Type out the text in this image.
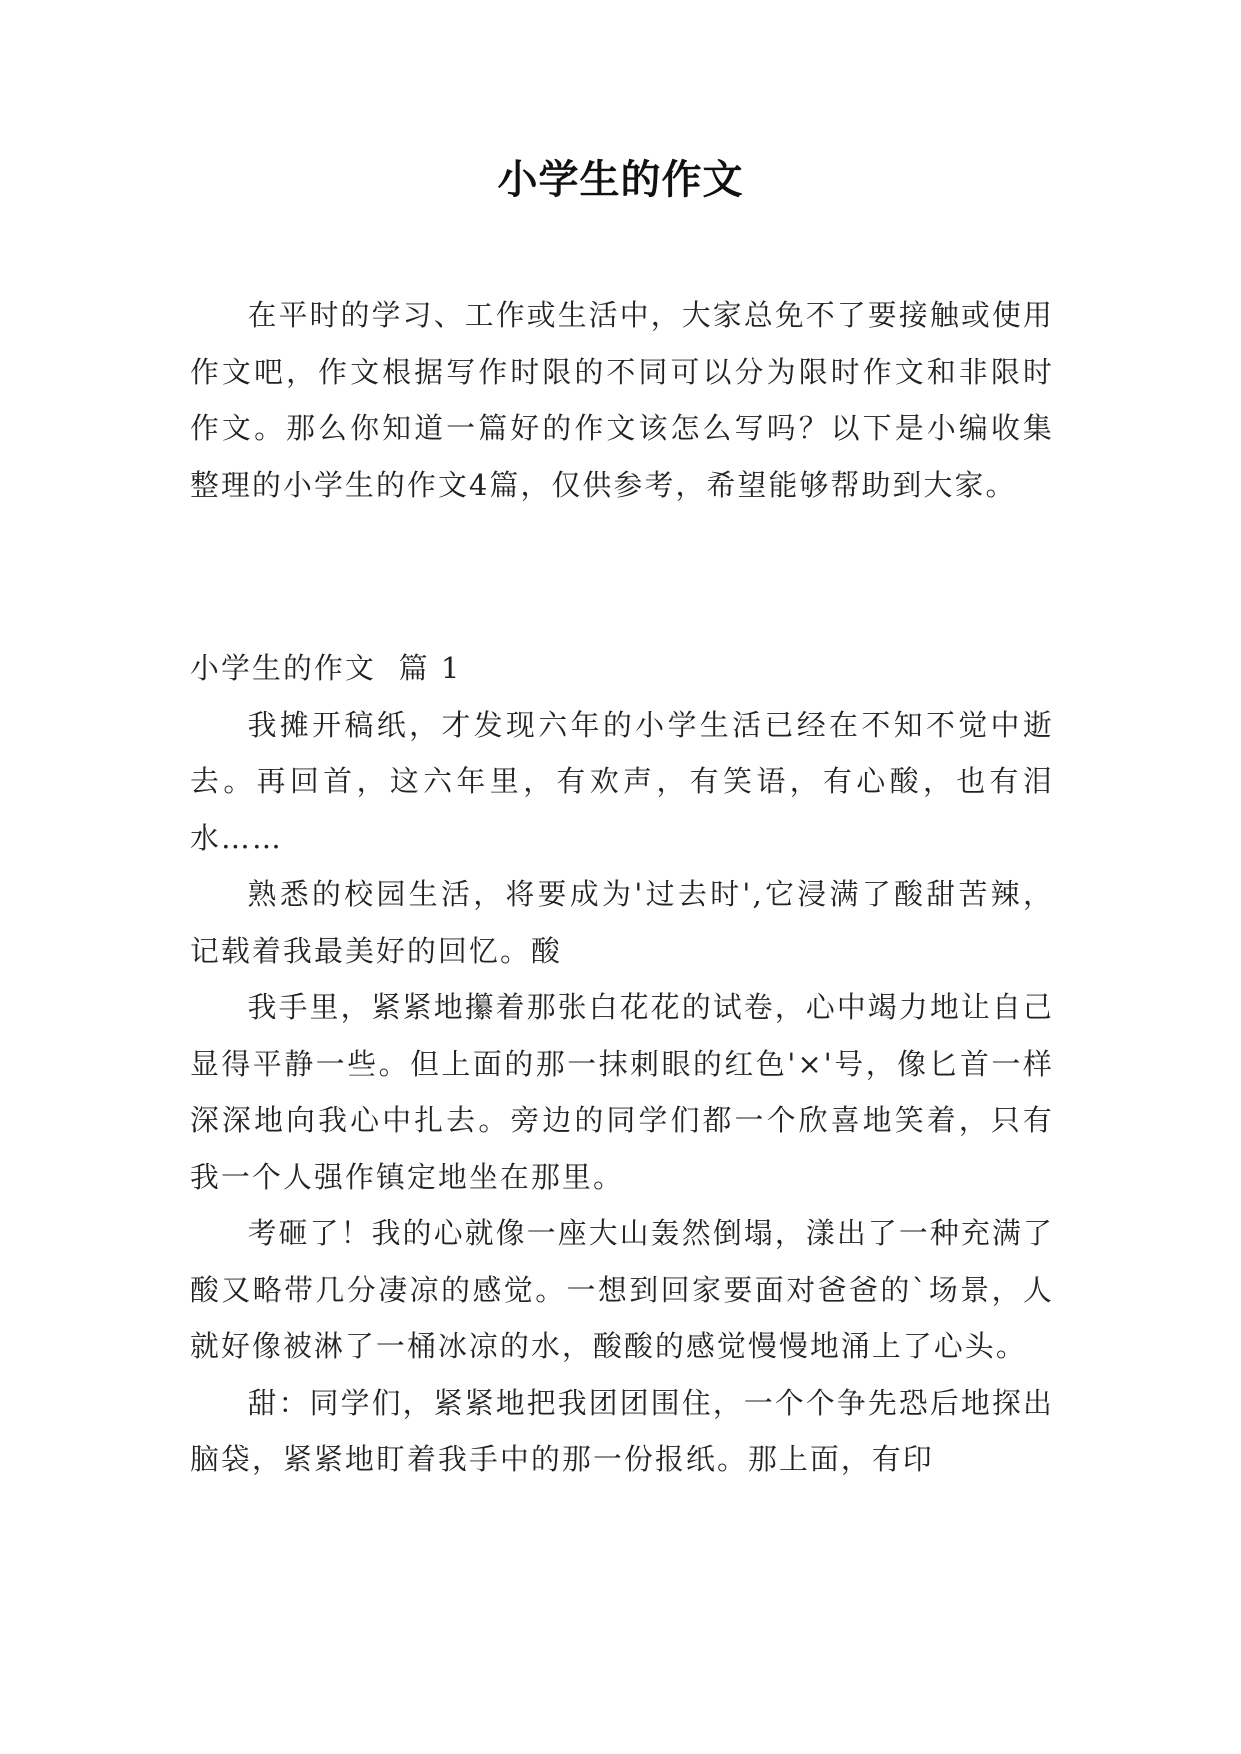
小学生的作文

在平时的学习、工作或生活中，大家总免不了要接触或使用作文吧，作文根据写作时限的不同可以分为限时作文和非限时作文。那么你知道一篇好的作文该怎么写吗？以下是小编收集整理的小学生的作文4篇，仅供参考，希望能够帮助到大家。

小学生的作文  篇 1

我摊开稿纸，才发现六年的小学生活已经在不知不觉中逝去。再回首，这六年里，有欢声，有笑语，有心酸，也有泪水……

熟悉的校园生活，将要成为'过去时',它浸满了酸甜苦辣，记载着我最美好的回忆。酸

我手里，紧紧地攥着那张白花花的试卷，心中竭力地让自己显得平静一些。但上面的那一抹刺眼的红色'×'号，像匕首一样深深地向我心中扎去。旁边的同学们都一个欣喜地笑着，只有我一个人强作镇定地坐在那里。

考砸了！我的心就像一座大山轰然倒塌，漾出了一种充满了酸又略带几分凄凉的感觉。一想到回家要面对爸爸的`场景，人就好像被淋了一桶冰凉的水，酸酸的感觉慢慢地涌上了心头。

甜：同学们，紧紧地把我团团围住，一个个争先恐后地探出脑袋，紧紧地盯着我手中的那一份报纸。那上面，有印
